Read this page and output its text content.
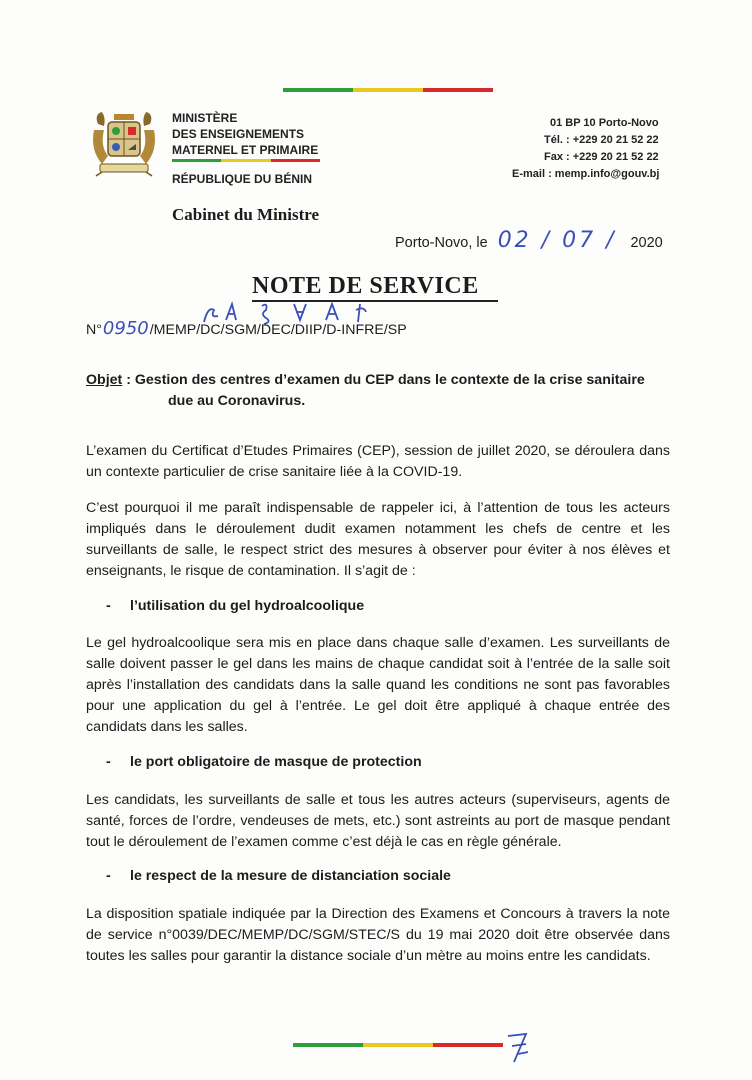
MINISTÈRE
DES ENSEIGNEMENTS
MATERNEL ET PRIMAIRE
RÉPUBLIQUE DU BÉNIN
01 BP 10 Porto-Novo
Tél. : +229 20 21 52 22
Fax : +229 20 21 52 22
E-mail : memp.info@gouv.bj
Cabinet du Ministre
Porto-Novo, le 02 / 07 / 2020
NOTE DE SERVICE
N° 0950 /MEMP/DC/SGM/DEC/DIIP/D-INFRE/SP
Objet : Gestion des centres d’examen du CEP dans le contexte de la crise sanitaire
due au Coronavirus.
L’examen du Certificat d’Etudes Primaires (CEP), session de juillet 2020, se déroulera dans un contexte particulier de crise sanitaire liée à la COVID-19.
C’est pourquoi il me paraît indispensable de rappeler ici, à l’attention de tous les acteurs impliqués dans le déroulement dudit examen notamment les chefs de centre et les surveillants de salle, le respect strict des mesures à observer pour éviter à nos élèves et enseignants, le risque de contamination. Il s’agit de :
-	l’utilisation du gel hydroalcoolique
Le gel hydroalcoolique sera mis en place dans chaque salle d’examen. Les surveillants de salle doivent passer le gel dans les mains de chaque candidat soit à l’entrée de la salle soit après l’installation des candidats dans la salle quand les conditions ne sont pas favorables pour une application du gel à l’entrée. Le gel doit être appliqué à chaque entrée des candidats dans les salles.
-	le port obligatoire de masque de protection
Les candidats, les surveillants de salle et tous les autres acteurs (superviseurs, agents de santé, forces de l’ordre, vendeuses de mets, etc.) sont astreints au port de masque pendant tout le déroulement de l’examen comme c’est déjà le cas en règle générale.
-	le respect de la mesure de distanciation sociale
La disposition spatiale indiquée par la Direction des Examens et Concours à travers la note de service n°0039/DEC/MEMP/DC/SGM/STEC/S du 19 mai 2020 doit être observée dans toutes les salles pour garantir la distance sociale d’un mètre au moins entre les candidats.
